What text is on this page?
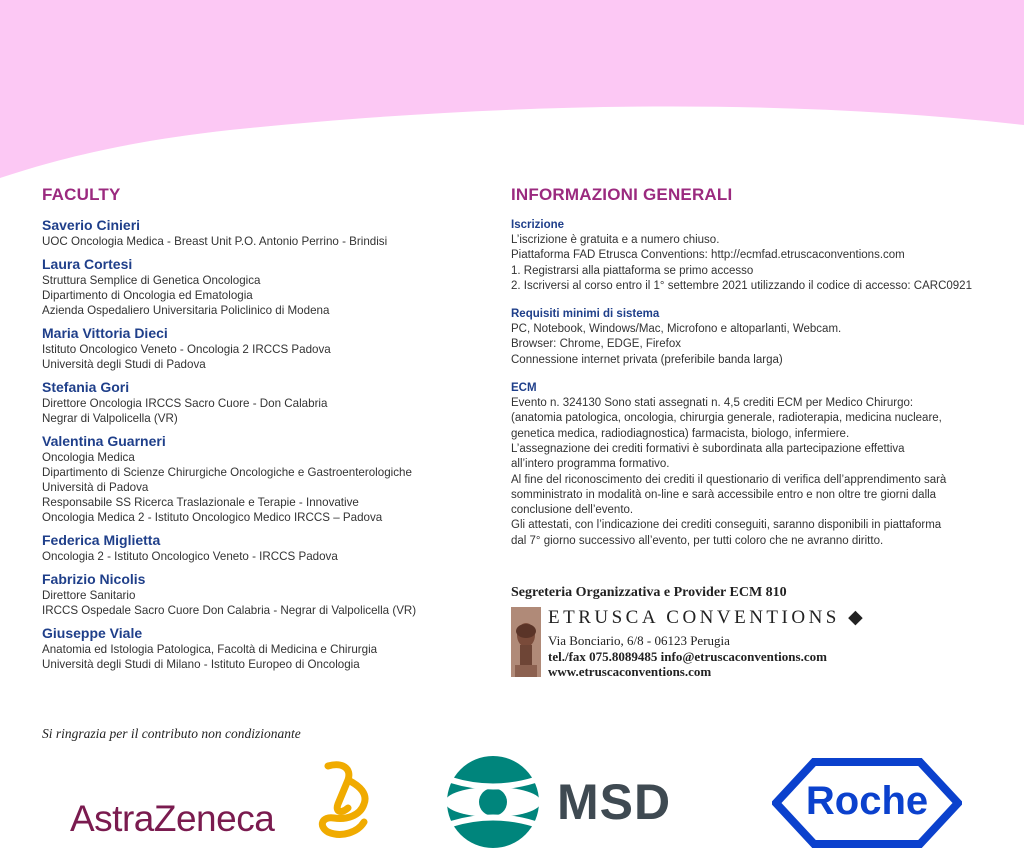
FACULTY
Saverio Cinieri
UOC Oncologia Medica - Breast Unit P.O. Antonio Perrino - Brindisi
Laura Cortesi
Struttura Semplice di Genetica Oncologica
Dipartimento di Oncologia ed Ematologia
Azienda Ospedaliero Universitaria Policlinico di Modena
Maria Vittoria Dieci
Istituto Oncologico Veneto - Oncologia 2 IRCCS Padova
Università degli Studi di Padova
Stefania Gori
Direttore Oncologia IRCCS Sacro Cuore - Don Calabria
Negrar di Valpolicella (VR)
Valentina Guarneri
Oncologia Medica
Dipartimento di Scienze Chirurgiche Oncologiche e Gastroenterologiche
Università di Padova
Responsabile SS Ricerca Traslazionale e Terapie - Innovative
Oncologia Medica 2 - Istituto Oncologico Medico IRCCS – Padova
Federica Miglietta
Oncologia 2 - Istituto Oncologico Veneto - IRCCS Padova
Fabrizio Nicolis
Direttore Sanitario
IRCCS Ospedale Sacro Cuore Don Calabria - Negrar di Valpolicella (VR)
Giuseppe Viale
Anatomia ed Istologia Patologica, Facoltà di Medicina e Chirurgia
Università degli Studi di Milano - Istituto Europeo di Oncologia
INFORMAZIONI GENERALI
Iscrizione
L’iscrizione è gratuita e a numero chiuso.
Piattaforma FAD Etrusca Conventions: http://ecmfad.etruscaconventions.com
1. Registrarsi alla piattaforma se primo accesso
2. Iscriversi al corso entro il 1° settembre 2021 utilizzando il codice di accesso: CARC0921
Requisiti minimi di sistema
PC, Notebook, Windows/Mac, Microfono e altoparlanti, Webcam.
Browser: Chrome, EDGE, Firefox
Connessione internet privata (preferibile banda larga)
ECM
Evento n. 324130 Sono stati assegnati n. 4,5 crediti ECM per Medico Chirurgo:
(anatomia patologica, oncologia, chirurgia generale, radioterapia, medicina nucleare,
genetica medica, radiodiagnostica) farmacista, biologo, infermiere.
L’assegnazione dei crediti formativi è subordinata alla partecipazione effettiva
all’intero programma formativo.
Al fine del riconoscimento dei crediti il questionario di verifica dell’apprendimento sarà
somministrato in modalità on-line e sarà accessibile entro e non oltre tre giorni dalla
conclusione dell’evento.
Gli attestati, con l’indicazione dei crediti conseguiti, saranno disponibili in piattaforma
dal 7° giorno successivo all’evento, per tutti coloro che ne avranno diritto.
Segreteria Organizzativa e Provider ECM 810
ETRUSCA CONVENTIONS ◆
Via Bonciario, 6/8 - 06123 Perugia
tel./fax 075.8089485 info@etruscaconventions.com
www.etruscaconventions.com
Si ringrazia per il contributo non condizionante
AstraZeneca	MSD	Roche
